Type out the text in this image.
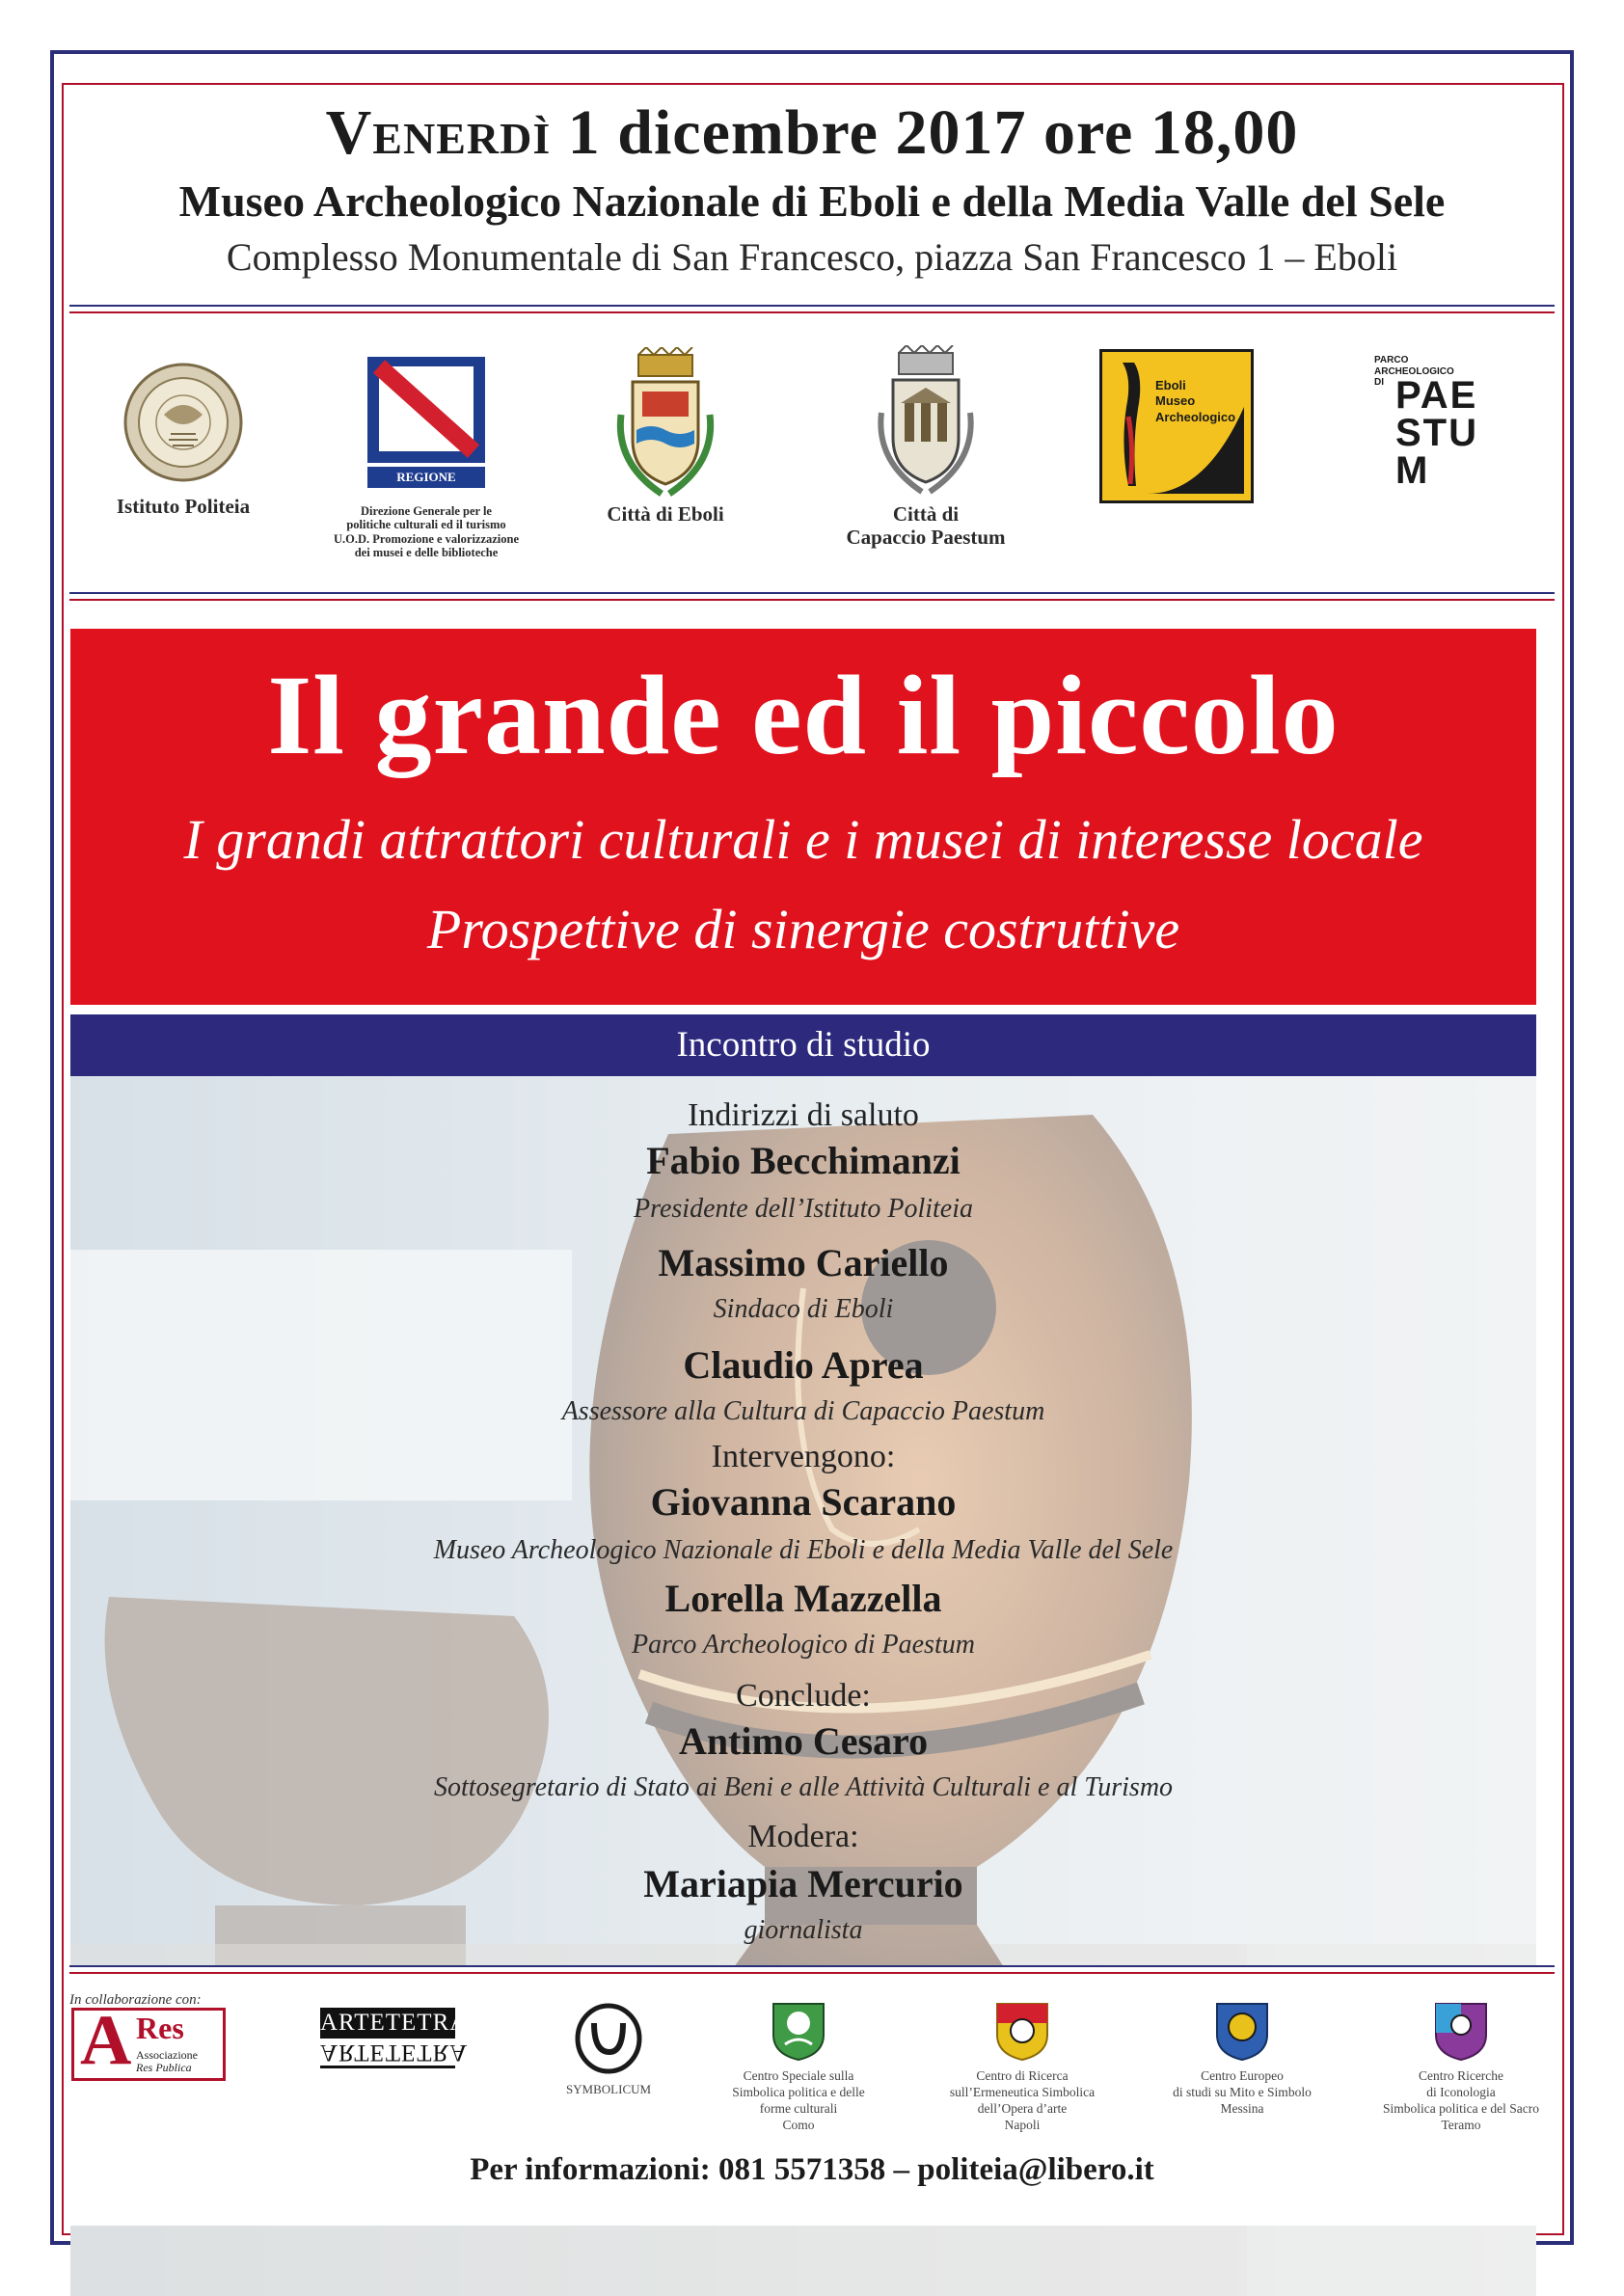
Venerdì 1 dicembre 2017 ore 18,00
Museo Archeologico Nazionale di Eboli e della Media Valle del Sele
Complesso Monumentale di San Francesco, piazza San Francesco 1 – Eboli
Istituto Politeia
REGIONE CAMPANIA
Direzione Generale per le
politiche culturali ed il turismo
U.O.D. Promozione e valorizzazione
dei musei e delle biblioteche
Città di Eboli	Città di
Capaccio Paestum
Eboli
Museo
Archeologico
PARCO
ARCHEOLOGICO
DI PAE
STU
M
Il grande ed il piccolo
I grandi attrattori culturali e i musei di interesse locale
Prospettive di sinergie costruttive
Incontro di studio
Indirizzi di saluto
Fabio Becchimanzi
Presidente dell’Istituto Politeia
Massimo Cariello
Sindaco di Eboli
Claudio Aprea
Assessore alla Cultura di Capaccio Paestum
Intervengono:
Giovanna Scarano
Museo Archeologico Nazionale di Eboli e della Media Valle del Sele
Lorella Mazzella
Parco Archeologico di Paestum
Conclude:
Antimo Cesaro
Sottosegretario di Stato ai Beni e alle Attività Culturali e al Turismo
Modera:
Mariapia Mercurio
giornalista
In collaborazione con:
A Res
Associazione
Res Publica
ARTETETRA
ARTETETRA
SYMBOLICUM
Centro Speciale sulla
Simbolica politica e delle
forme culturali
Como
Centro di Ricerca
sull’Ermeneutica Simbolica
dell’Opera d’arte
Napoli
Centro Europeo
di studi su Mito e Simbolo
Messina
Centro Ricerche
di Iconologia
Simbolica politica e del Sacro
Teramo
Per informazioni: 081 5571358 – politeia@libero.it
